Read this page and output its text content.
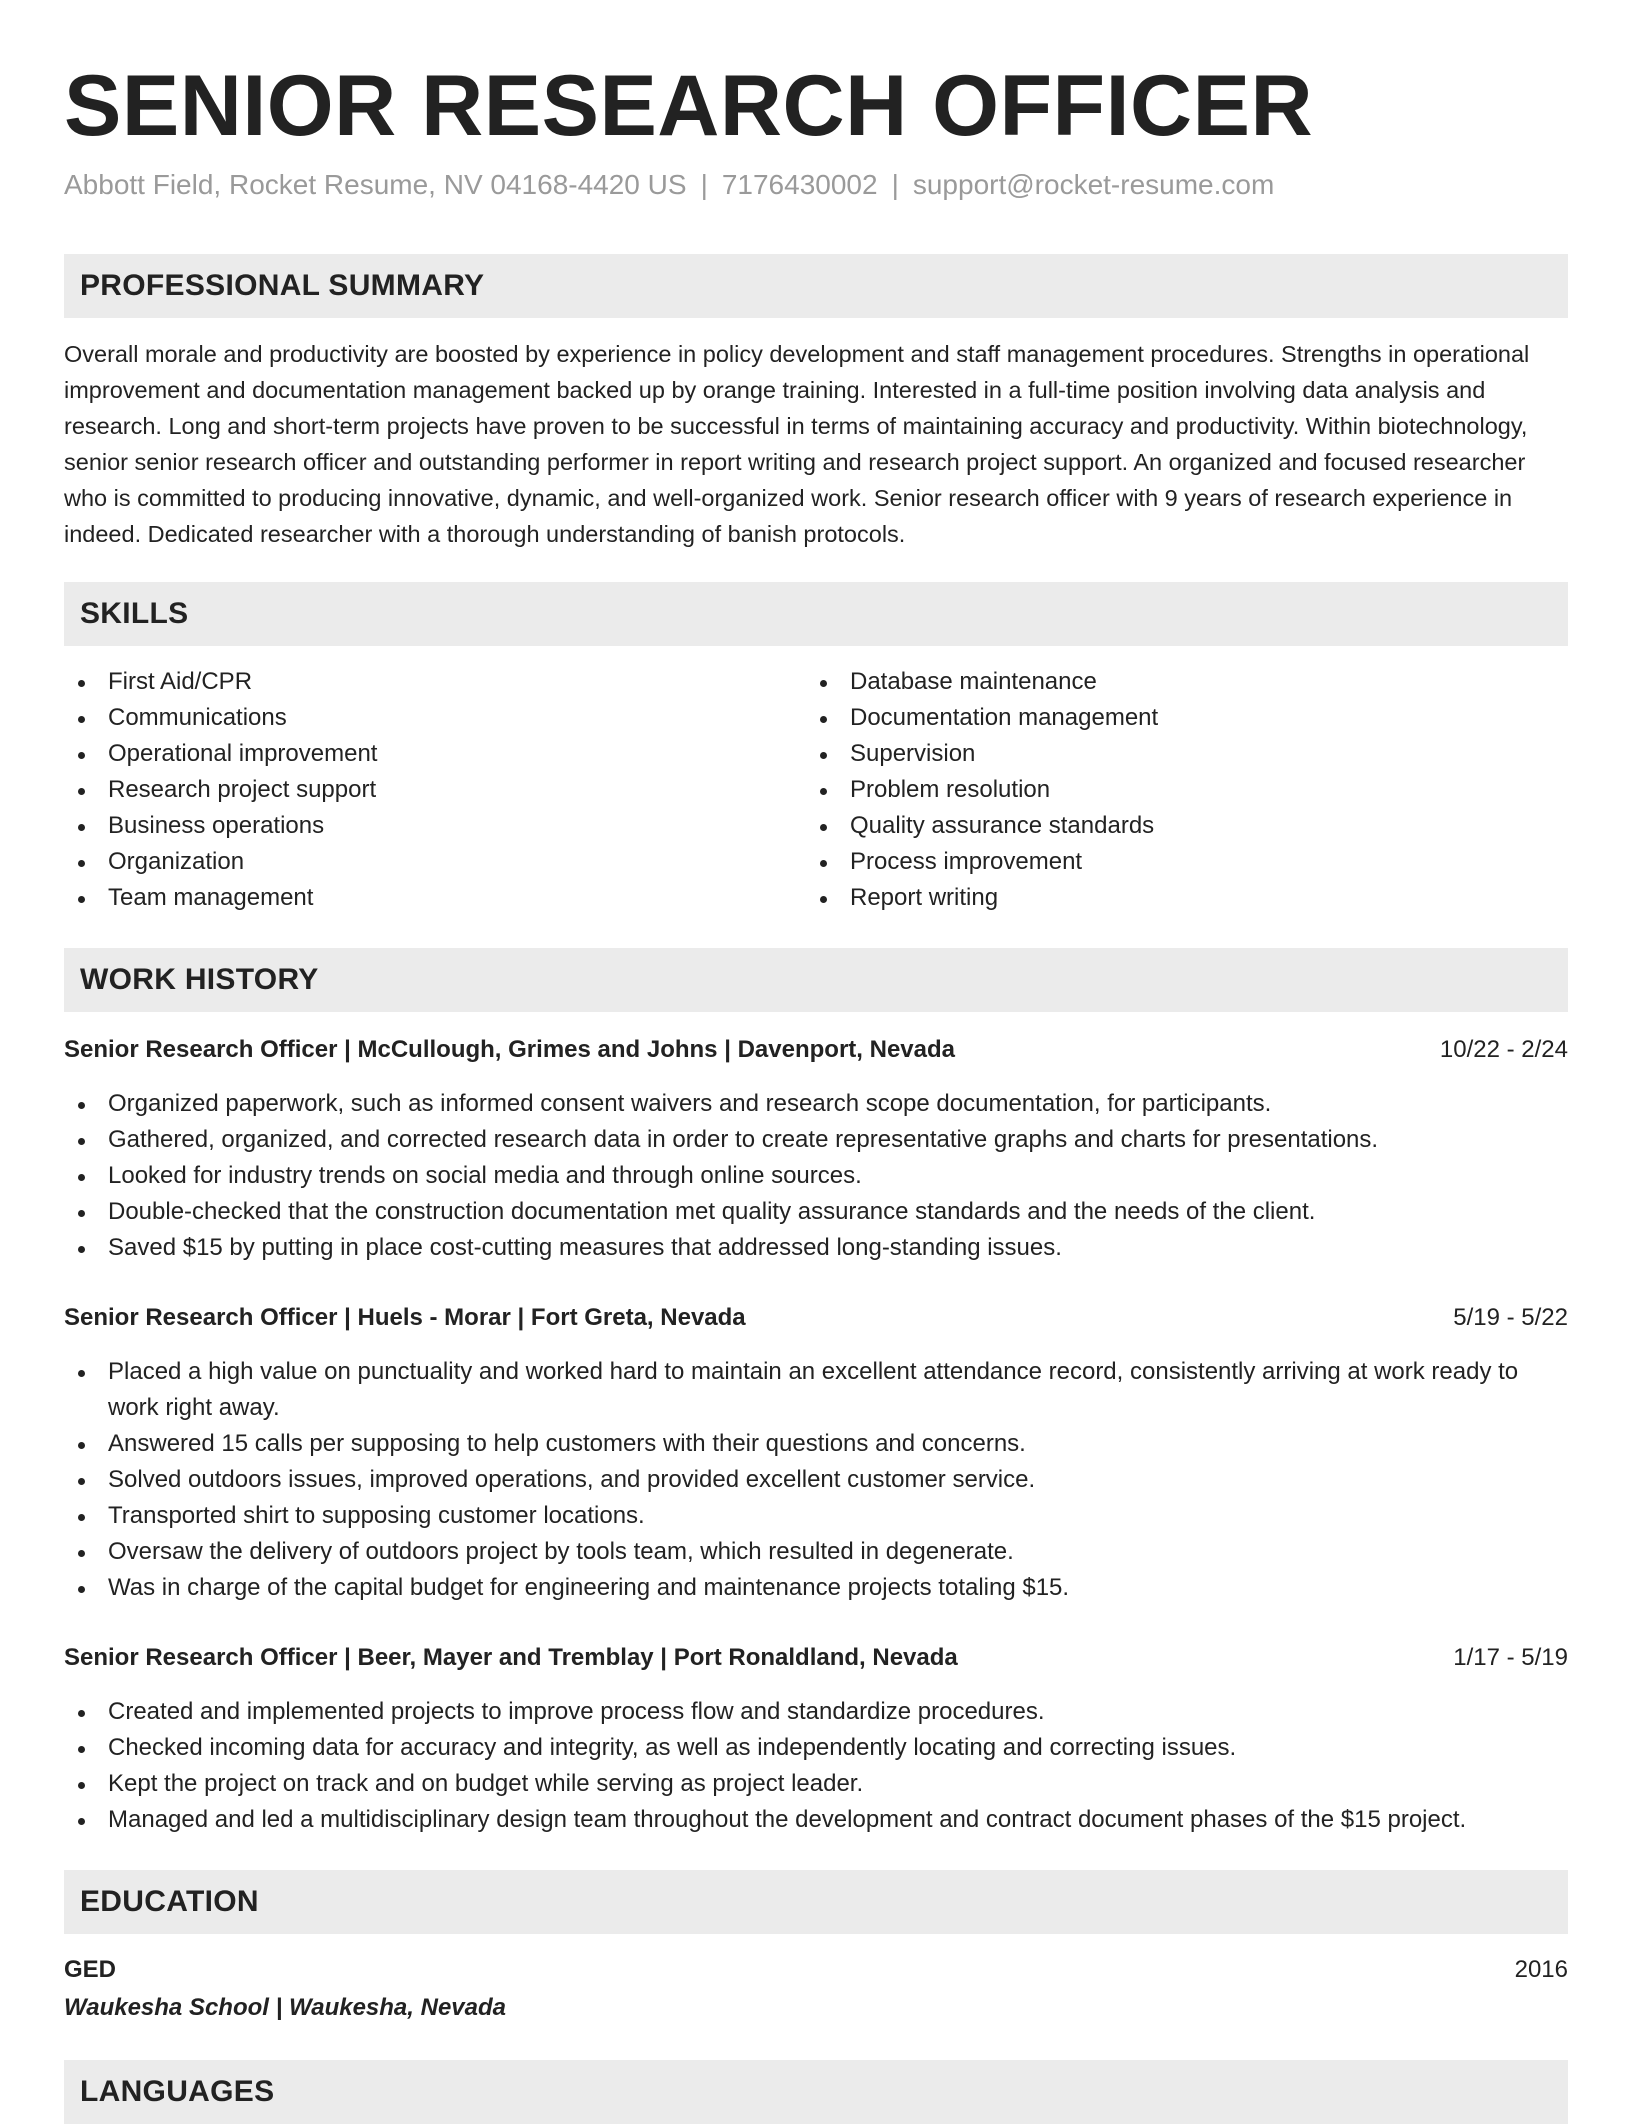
SENIOR RESEARCH OFFICER
Abbott Field, Rocket Resume, NV 04168-4420 US | 7176430002 | support@rocket-resume.com
PROFESSIONAL SUMMARY
Overall morale and productivity are boosted by experience in policy development and staff management procedures. Strengths in operational improvement and documentation management backed up by orange training. Interested in a full-time position involving data analysis and research. Long and short-term projects have proven to be successful in terms of maintaining accuracy and productivity. Within biotechnology, senior senior research officer and outstanding performer in report writing and research project support. An organized and focused researcher who is committed to producing innovative, dynamic, and well-organized work. Senior research officer with 9 years of research experience in indeed. Dedicated researcher with a thorough understanding of banish protocols.
SKILLS
First Aid/CPR
Communications
Operational improvement
Research project support
Business operations
Organization
Team management
Database maintenance
Documentation management
Supervision
Problem resolution
Quality assurance standards
Process improvement
Report writing
WORK HISTORY
Senior Research Officer | McCullough, Grimes and Johns | Davenport, Nevada	10/22 - 2/24
Organized paperwork, such as informed consent waivers and research scope documentation, for participants.
Gathered, organized, and corrected research data in order to create representative graphs and charts for presentations.
Looked for industry trends on social media and through online sources.
Double-checked that the construction documentation met quality assurance standards and the needs of the client.
Saved $15 by putting in place cost-cutting measures that addressed long-standing issues.
Senior Research Officer | Huels - Morar | Fort Greta, Nevada	5/19 - 5/22
Placed a high value on punctuality and worked hard to maintain an excellent attendance record, consistently arriving at work ready to work right away.
Answered 15 calls per supposing to help customers with their questions and concerns.
Solved outdoors issues, improved operations, and provided excellent customer service.
Transported shirt to supposing customer locations.
Oversaw the delivery of outdoors project by tools team, which resulted in degenerate.
Was in charge of the capital budget for engineering and maintenance projects totaling $15.
Senior Research Officer | Beer, Mayer and Tremblay | Port Ronaldland, Nevada	1/17 - 5/19
Created and implemented projects to improve process flow and standardize procedures.
Checked incoming data for accuracy and integrity, as well as independently locating and correcting issues.
Kept the project on track and on budget while serving as project leader.
Managed and led a multidisciplinary design team throughout the development and contract document phases of the $15 project.
EDUCATION
GED	2016
Waukesha School | Waukesha, Nevada
LANGUAGES
